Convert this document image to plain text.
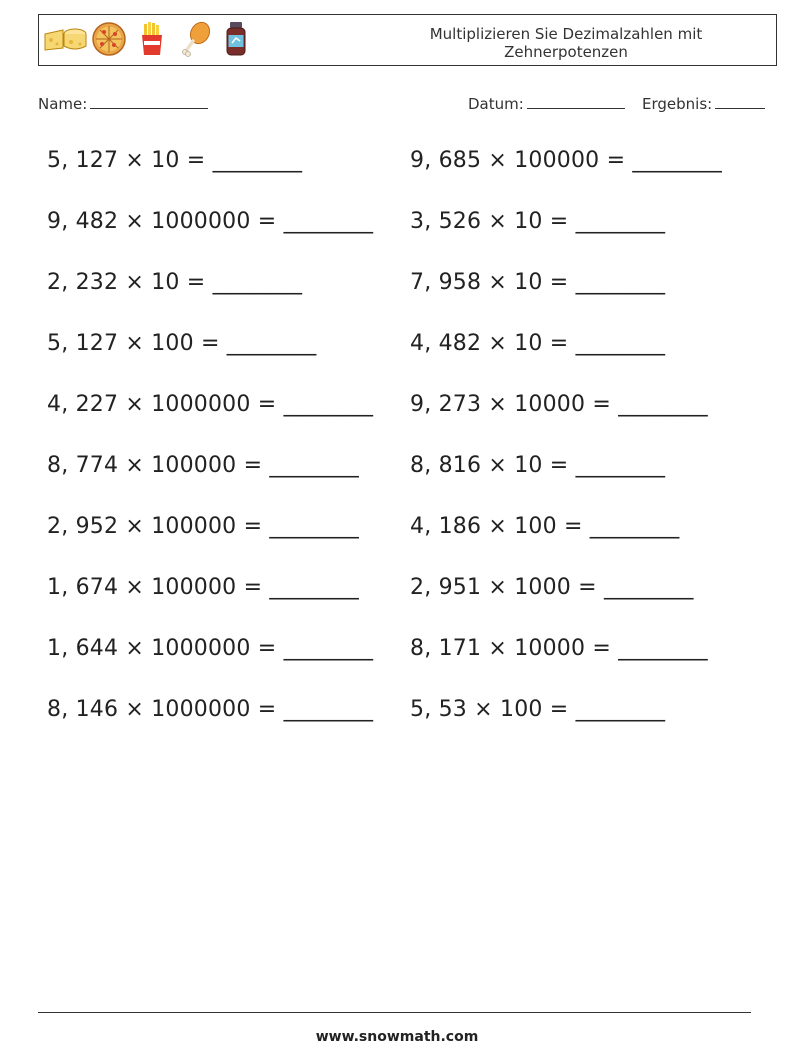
Multiplizieren Sie Dezimalzahlen mit
Zehnerpotenzen
Name:	Datum:	Ergebnis:
5, 127 × 10 = ________
9, 482 × 1000000 = ________
2, 232 × 10 = ________
5, 127 × 100 = ________
4, 227 × 1000000 = ________
8, 774 × 100000 = ________
2, 952 × 100000 = ________
1, 674 × 100000 = ________
1, 644 × 1000000 = ________
8, 146 × 1000000 = ________
9, 685 × 100000 = ________
3, 526 × 10 = ________
7, 958 × 10 = ________
4, 482 × 10 = ________
9, 273 × 10000 = ________
8, 816 × 10 = ________
4, 186 × 100 = ________
2, 951 × 1000 = ________
8, 171 × 10000 = ________
5, 53 × 100 = ________
www.snowmath.com
